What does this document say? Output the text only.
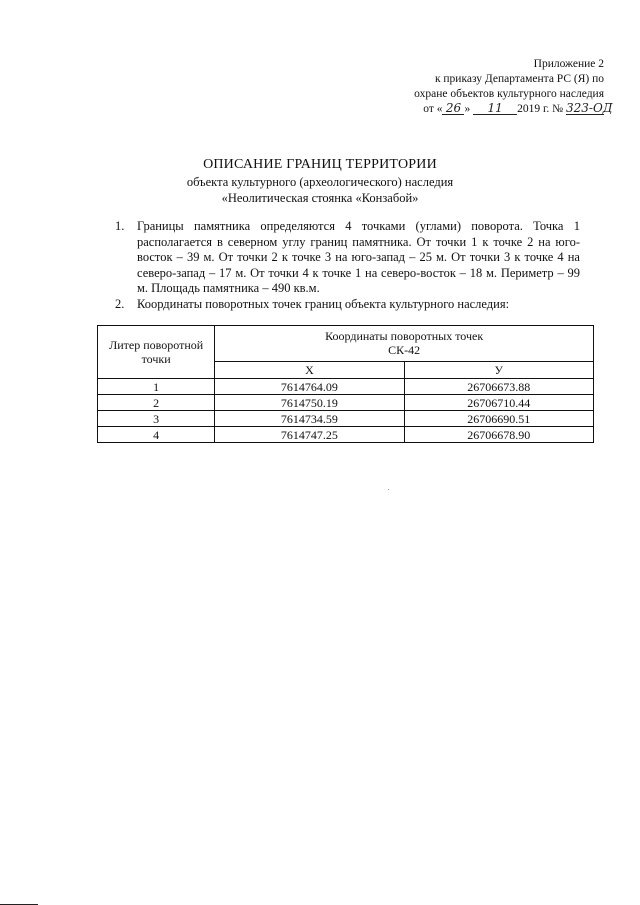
Приложение 2
к приказу Департамента РС (Я) по
охране объектов культурного наследия
от « 26 » 11 2019 г. № 323-ОД
ОПИСАНИЕ ГРАНИЦ ТЕРРИТОРИИ
объекта культурного (археологического) наследия
«Неолитическая стоянка «Конзабой»
1. Границы памятника определяются 4 точками (углами) поворота. Точка 1 располагается в северном углу границ памятника. От точки 1 к точке 2 на юго-восток – 39 м. От точки 2 к точке 3 на юго-запад – 25 м. От точки 3 к точке 4 на северо-запад – 17 м. От точки 4 к точке 1 на северо-восток – 18 м. Периметр – 99 м. Площадь памятника – 490 кв.м.
2. Координаты поворотных точек границ объекта культурного наследия:
Литер поворотной точки	Координаты поворотных точек
СК-42	

	Х	У
1	7614764.09	26706673.88
2	7614750.19	26706710.44
3	7614734.59	26706690.51
4	7614747.25	26706678.90
